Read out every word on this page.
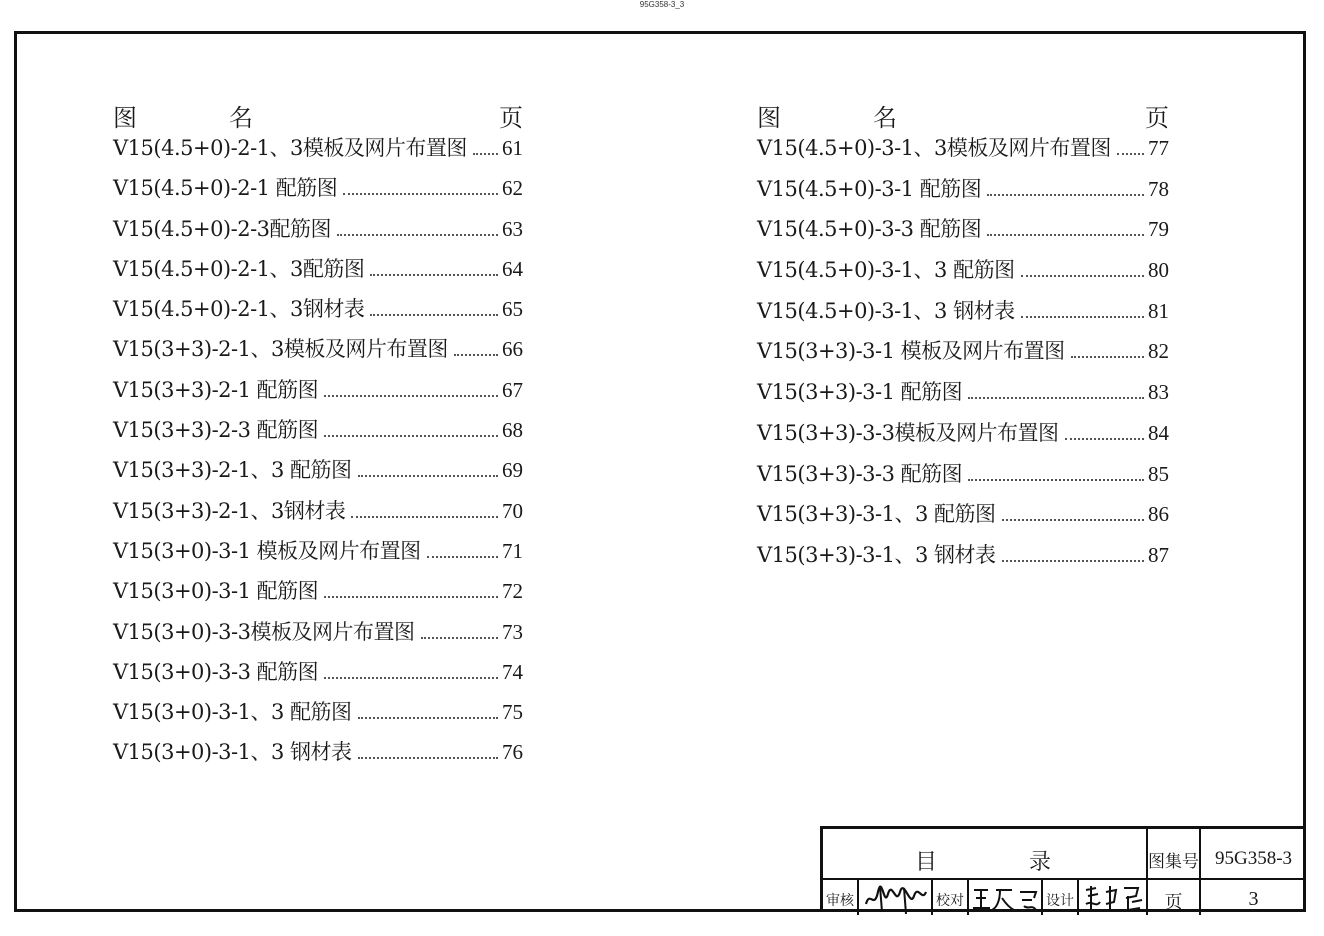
95G358-3_3
图	名	页
V15(4.5+0)-2-1、3模板及网片布置图 61
V15(4.5+0)-2-1 配筋图	62
V15(4.5+0)-2-3配筋图	63
V15(4.5+0)-2-1、3配筋图	64
V15(4.5+0)-2-1、3钢材表	65
V15(3+3)-2-1、3模板及网片布置图	66
V15(3+3)-2-1 配筋图	67
V15(3+3)-2-3 配筋图	68
V15(3+3)-2-1、3 配筋图	69
V15(3+3)-2-1、3钢材表	70
V15(3+0)-3-1 模板及网片布置图	71
V15(3+0)-3-1 配筋图	72
V15(3+0)-3-3模板及网片布置图	73
V15(3+0)-3-3 配筋图	74
V15(3+0)-3-1、3 配筋图	75
V15(3+0)-3-1、3 钢材表	76
图	名	页
V15(4.5+0)-3-1、3模板及网片布置图 77
V15(4.5+0)-3-1 配筋图	78
V15(4.5+0)-3-3 配筋图	79
V15(4.5+0)-3-1、3 配筋图	80
V15(4.5+0)-3-1、3 钢材表	81
V15(3+3)-3-1 模板及网片布置图	82
V15(3+3)-3-1 配筋图	83
V15(3+3)-3-3模板及网片布置图	84
V15(3+3)-3-3 配筋图	85
V15(3+3)-3-1、3 配筋图	86
V15(3+3)-3-1、3 钢材表	87
目	录	图集号 95G358-3
审核	校对	设计	页	3
